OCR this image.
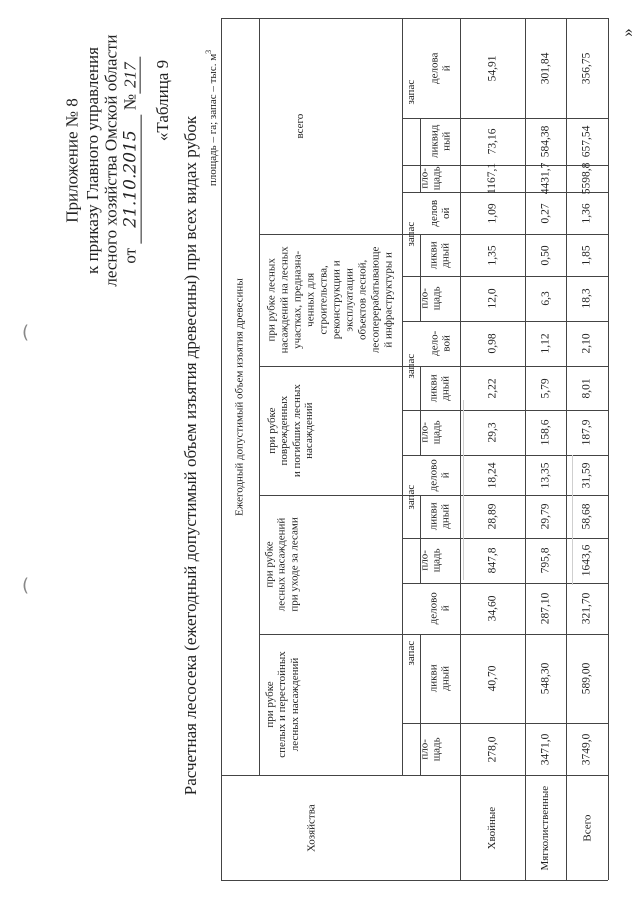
Приложение № 8 к приказу Главного управления лесного хозяйства Омской области от 21.10.2015 №217 «Таблица 9
Расчетная лесосека (ежегодный допустимый объем изъятия древесины) при всех видах рубок площадь – га; запас – тыс. $м^3$
Хозяйства
Ежегодный допустимый объем изъятия древесины
при рубке спелых и перестойных лесных насаждений
при рубке лесных насаждений при уходе за лесами
при рубке поврежденных и погибших лесных насаждений
при рубке лесных насаждений на лесных участках, предназна- ченных для строительства, реконструкции и эксплуатации объектов лесной, лесоперерабатывающе й инфраструктуры и
всего
пло- щадь
запас
ликви дный
делово й
пло- щадь
запас
ликви дный
делово й
пло- щадь
запас
ликви дный
дело- вой
пло- щадь
запас
ликви дный
делов ой
пло- щадь
запас
ликвид ный
делова й
Хвойные
278,0
40,70
34,60
847,8
28,89
18,24
29,3
2,22
0,98
12,0
1,35
1,09
1167,1
73,16
54,91
Мягколиственные
3471,0
548,30
287,10
795,8
29,79
13,35
158,6
5,79
1,12
6,3
0,50
0,27
4431,7
584,38
301,84
Всего
3749,0
589,00
321,70
1643,6
58,68
31,59
187,9
8,01
2,10
18,3
1,85
1,36
5598,8
657,54
356,75
»
(
(
